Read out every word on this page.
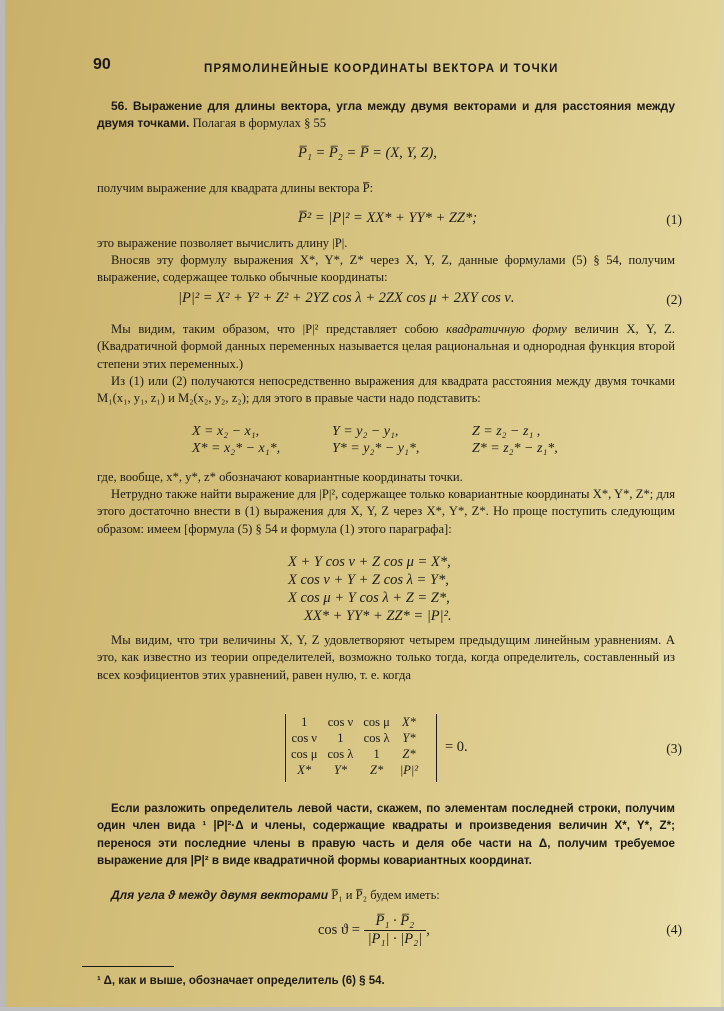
90	ПРЯМОЛИНЕЙНЫЕ КООРДИНАТЫ ВЕКТОРА И ТОЧКИ
56. Выражение для длины вектора, угла между двумя векторами и для расстояния между двумя точками. Полагая в формулах § 55
P̅₁ = P̅₂ = P̅ = (X, Y, Z),
получим выражение для квадрата длины вектора P̅:
P̅² = |P|² = XX* + YY* + ZZ*;	(1)
это выражение позволяет вычислить длину |P|.
Вносяв эту формулу выражения X*, Y*, Z* через X, Y, Z, данные формулами (5) § 54, получим выражение, содержащее только обычные координаты:
|P|² = X² + Y² + Z² + 2YZ cos λ + 2ZX cos μ + 2XY cos ν.	(2)
Мы видим, таким образом, что |P|² представляет собою квадратичную форму величин X, Y, Z. (Квадратичной формой данных переменных называется целая рациональная и однородная функция второй степени этих переменных.)
Из (1) или (2) получаются непосредственно выражения для квадрата расстояния между двумя точками M₁(x₁, y₁, z₁) и M₂(x₂, y₂, z₂); для этого в правые части надо подставить:
X = x₂ − x₁,	Y = y₂ − y₁,	Z = z₂ − z₁ ,
X* = x₂* − x₁*,	Y* = y₂* − y₁*,	Z* = z₂* − z₁*,
где, вообще, x*, y*, z* обозначают ковариантные координаты точки.
Нетрудно также найти выражение для |P|², содержащее только ковариантные координаты X*, Y*, Z*; для этого достаточно внести в (1) выражения для X, Y, Z через X*, Y*, Z*. Но проще поступить следующим образом: имеем [формула (5) § 54 и формула (1) этого параграфа]:
X + Y cos ν + Z cos μ = X*,
X cos ν + Y + Z cos λ = Y*,
X cos μ + Y cos λ + Z = Z*,
XX* + YY* + ZZ* = |P|².
Мы видим, что три величины X, Y, Z удовлетворяют четырем предыдущим линейным уравнениям. А это, как известно из теории определителей, возможно только тогда, когда определитель, составленный из всех коэфициентов этих уравнений, равен нулю, т. е. когда
1	cos ν	cos μ	X*
cos ν	1	cos λ	Y*
cos μ	cos λ	1	Z*
X*	Y*	Z*	|P|²
= 0.	(3)
Если разложить определитель левой части, скажем, по элементам последней строки, получим один член вида ¹ |P|²·Δ и члены, содержащие квадраты и произведения величин X*, Y*, Z*; перенося эти последние члены в правую часть и деля обе части на Δ, получим требуемое выражение для |P|² в виде квадратичной формы ковариантных координат.
Для угла ϑ между двумя векторами P̅₁ и P̅₂ будем иметь:
$\cos ϑ = \frac{\text{P̅₁ · P̅₂}}{\text{|P₁| · |P₂|}}$ ,	(4)
¹ Δ, как и выше, обозначает определитель (6) § 54.
